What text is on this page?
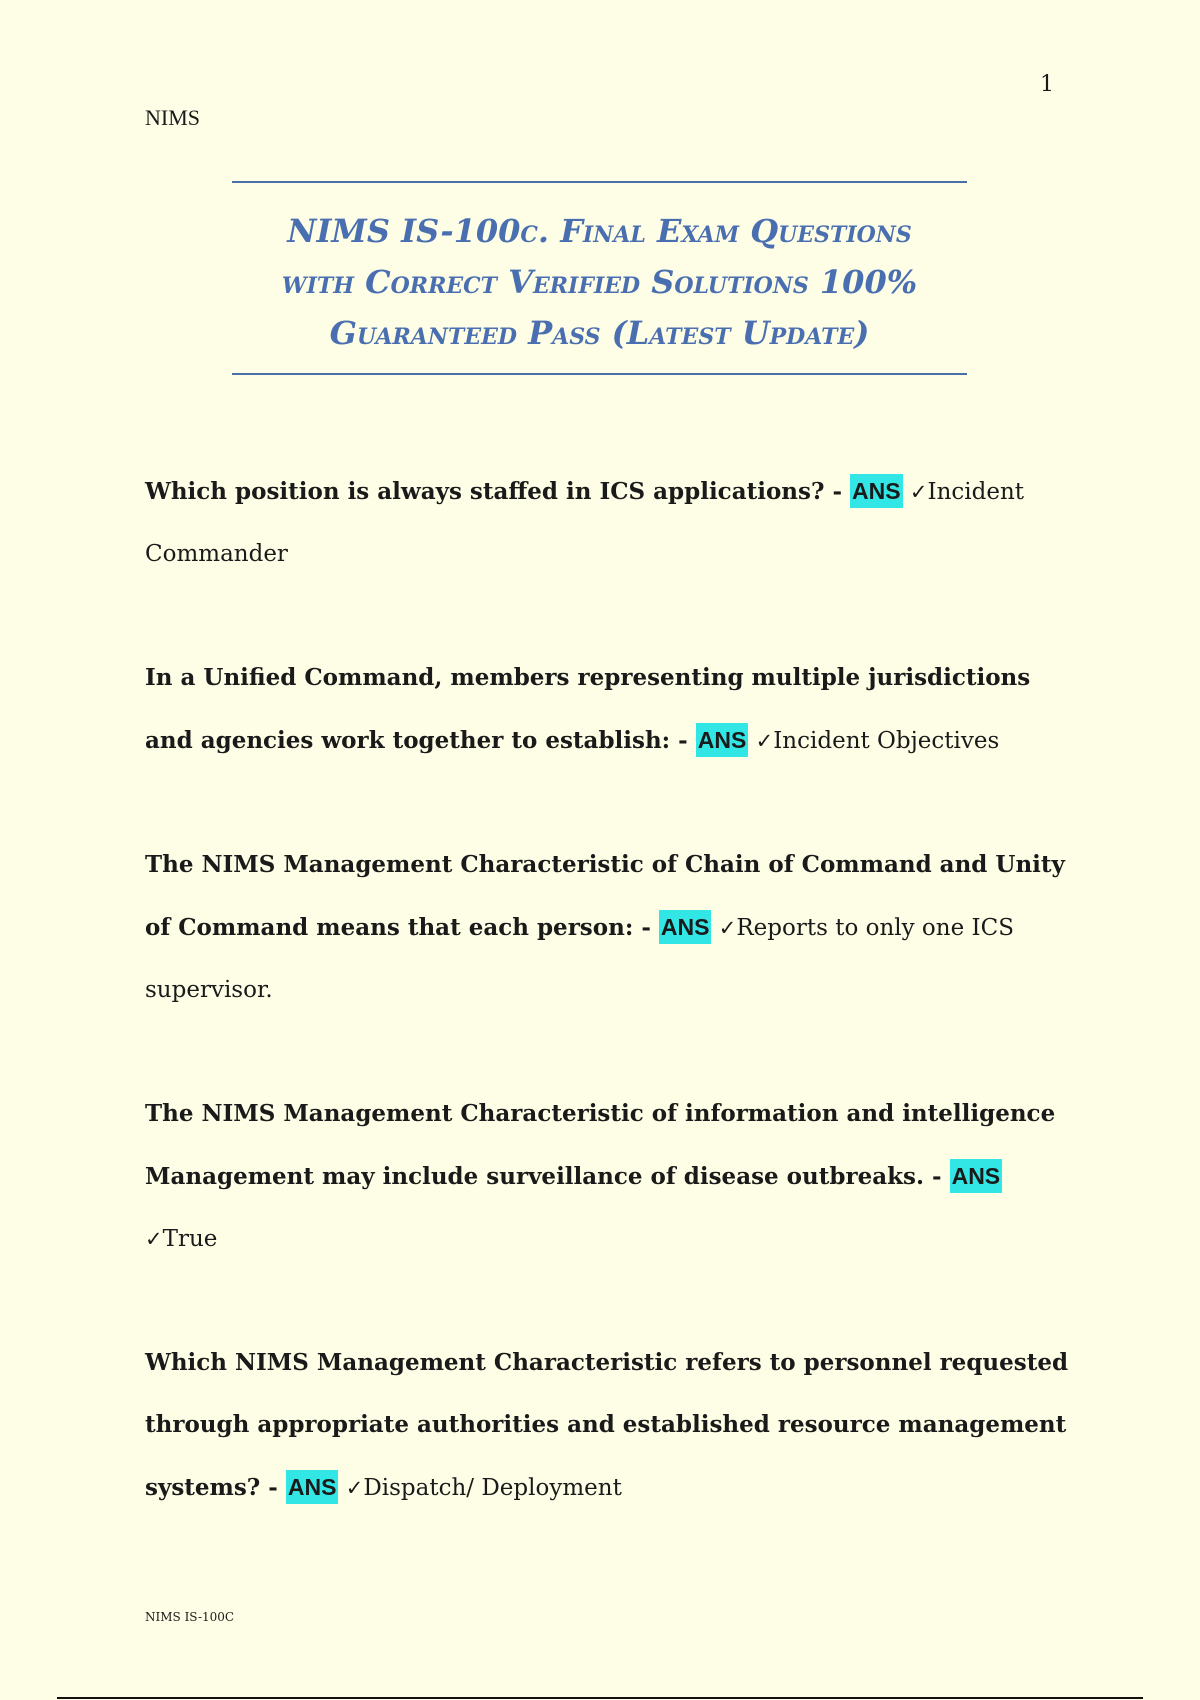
1
NIMS
NIMS IS-100c. Final Exam Questions
with Correct Verified Solutions 100%
Guaranteed Pass (Latest Update)

Which position is always staffed in ICS applications? - ANS ✓Incident Commander

In a Unified Command, members representing multiple jurisdictions and agencies work together to establish: - ANS ✓Incident Objectives

The NIMS Management Characteristic of Chain of Command and Unity of Command means that each person: - ANS ✓Reports to only one ICS supervisor.

The NIMS Management Characteristic of information and intelligence Management may include surveillance of disease outbreaks. - ANS ✓True

Which NIMS Management Characteristic refers to personnel requested through appropriate authorities and established resource management systems? - ANS ✓Dispatch/ Deployment

NIMS IS-100C
